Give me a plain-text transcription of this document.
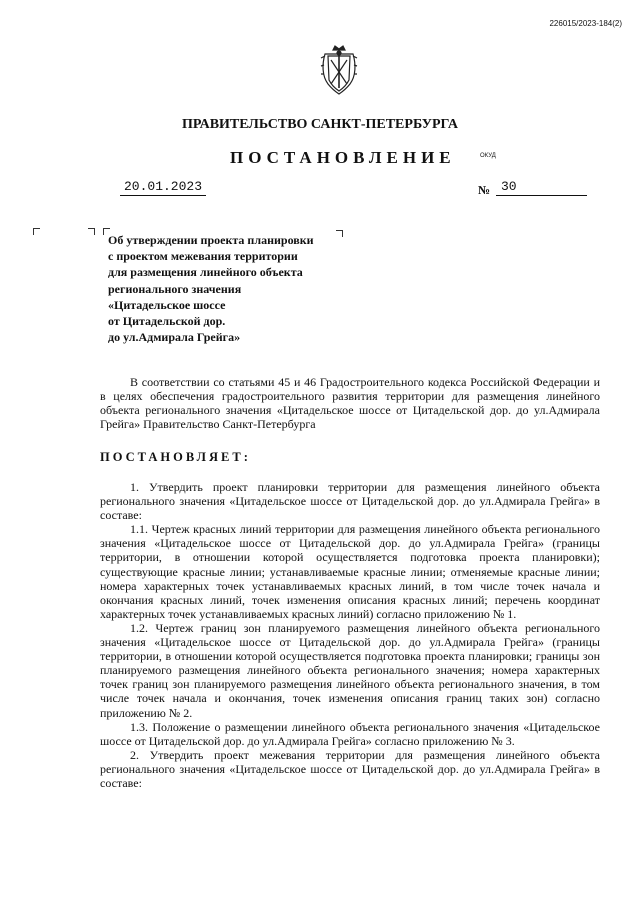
226015/2023-184(2)
ПРАВИТЕЛЬСТВО САНКТ-ПЕТЕРБУРГА
ПОСТАНОВЛЕНИЕ	ОКУД
20.01.2023	№ 30
Об утверждении проекта планировки
с проектом межевания территории
для размещения линейного объекта
регионального значения
«Цитадельское шоссе
от Цитадельской дор.
до ул.Адмирала Грейга»

В соответствии со статьями 45 и 46 Градостроительного кодекса Российской Федерации и в целях обеспечения градостроительного развития территории для размещения линейного объекта регионального значения «Цитадельское шоссе от Цитадельской дор. до ул.Адмирала Грейга» Правительство Санкт-Петербурга

ПОСТАНОВЛЯЕТ:

1. Утвердить проект планировки территории для размещения линейного объекта регионального значения «Цитадельское шоссе от Цитадельской дор. до ул.Адмирала Грейга» в составе:

1.1. Чертеж красных линий территории для размещения линейного объекта регионального значения «Цитадельское шоссе от Цитадельской дор. до ул.Адмирала Грейга» (границы территории, в отношении которой осуществляется подготовка проекта планировки); существующие красные линии; устанавливаемые красные линии; отменяемые красные линии; номера характерных точек устанавливаемых красных линий, в том числе точек начала и окончания красных линий, точек изменения описания красных линий; перечень координат характерных точек устанавливаемых красных линий) согласно приложению № 1.

1.2. Чертеж границ зон планируемого размещения линейного объекта регионального значения «Цитадельское шоссе от Цитадельской дор. до ул.Адмирала Грейга» (границы территории, в отношении которой осуществляется подготовка проекта планировки; границы зон планируемого размещения линейного объекта регионального значения; номера характерных точек границ зон планируемого размещения линейного объекта регионального значения, в том числе точек начала и окончания, точек изменения описания границ таких зон) согласно приложению № 2.

1.3. Положение о размещении линейного объекта регионального значения «Цитадельское шоссе от Цитадельской дор. до ул.Адмирала Грейга» согласно приложению № 3.

2. Утвердить проект межевания территории для размещения линейного объекта регионального значения «Цитадельское шоссе от Цитадельской дор. до ул.Адмирала Грейга» в составе:
